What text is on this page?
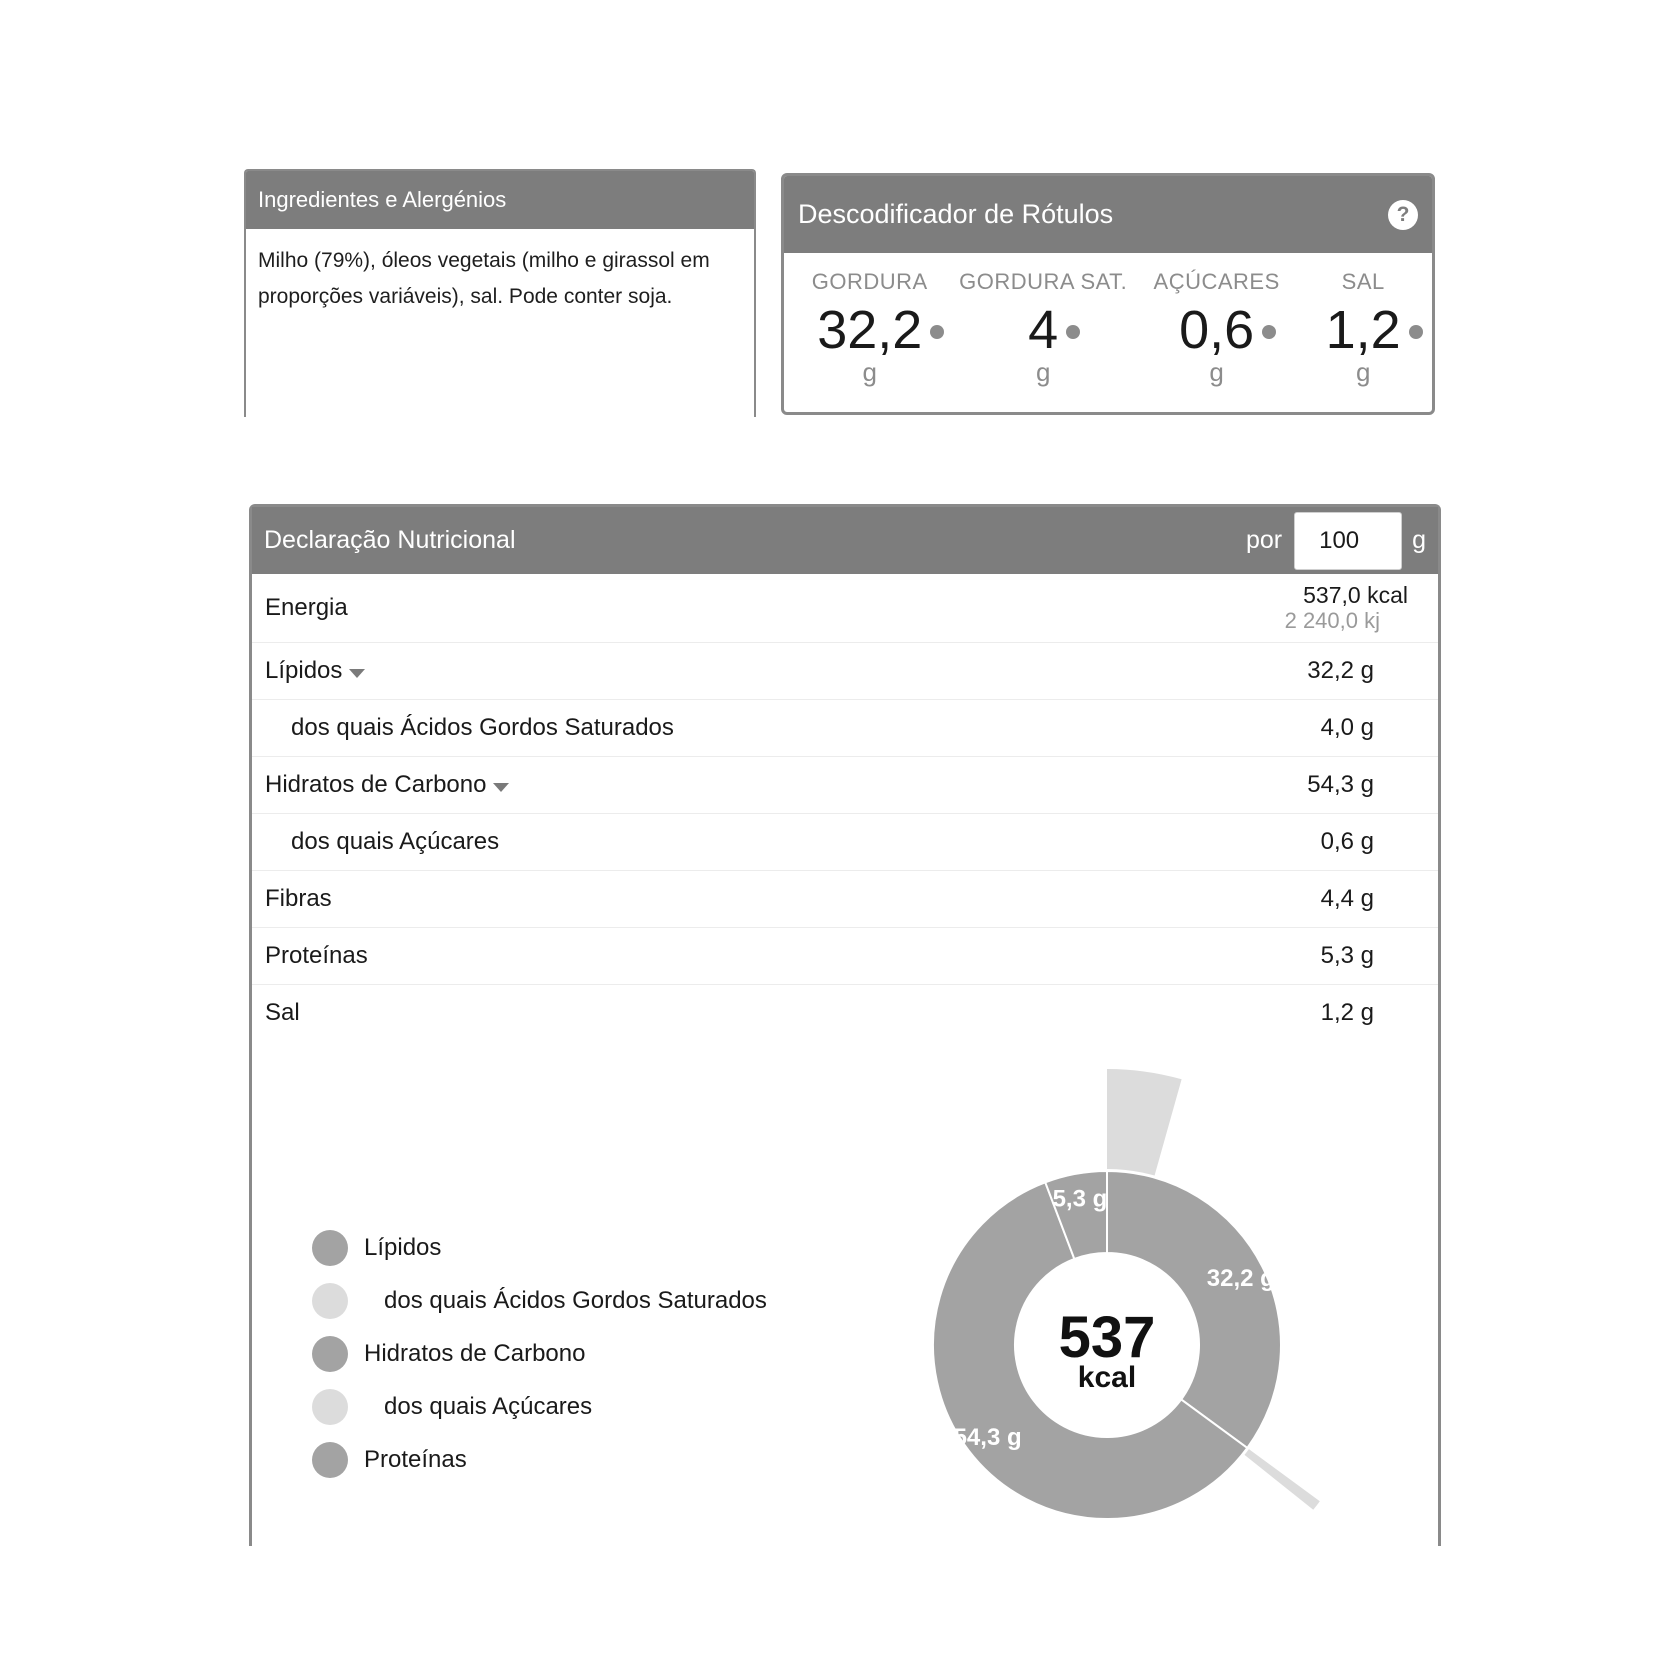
Ingredientes e Alergénios
Milho (79%), óleos vegetais (milho e girassol em proporções variáveis), sal. Pode conter soja.
Descodificador de Rótulos	?
GORDURA
32,2
g
GORDURA SAT.
4
g
AÇÚCARES
0,6
g
SAL
1,2
g
Declaração Nutricional	por
100	g
Energia	537,0 kcal
2 240,0 kj
Lípidos	32,2 g
dos quais Ácidos Gordos Saturados	4,0 g
Hidratos de Carbono	54,3 g
dos quais Açúcares	0,6 g
Fibras	4,4 g
Proteínas	5,3 g
Sal	1,2 g
Lípidos
dos quais Ácidos Gordos Saturados
Hidratos de Carbono
dos quais Açúcares
Proteínas
32,2 g
54,3 g
5,3 g
537
kcal
